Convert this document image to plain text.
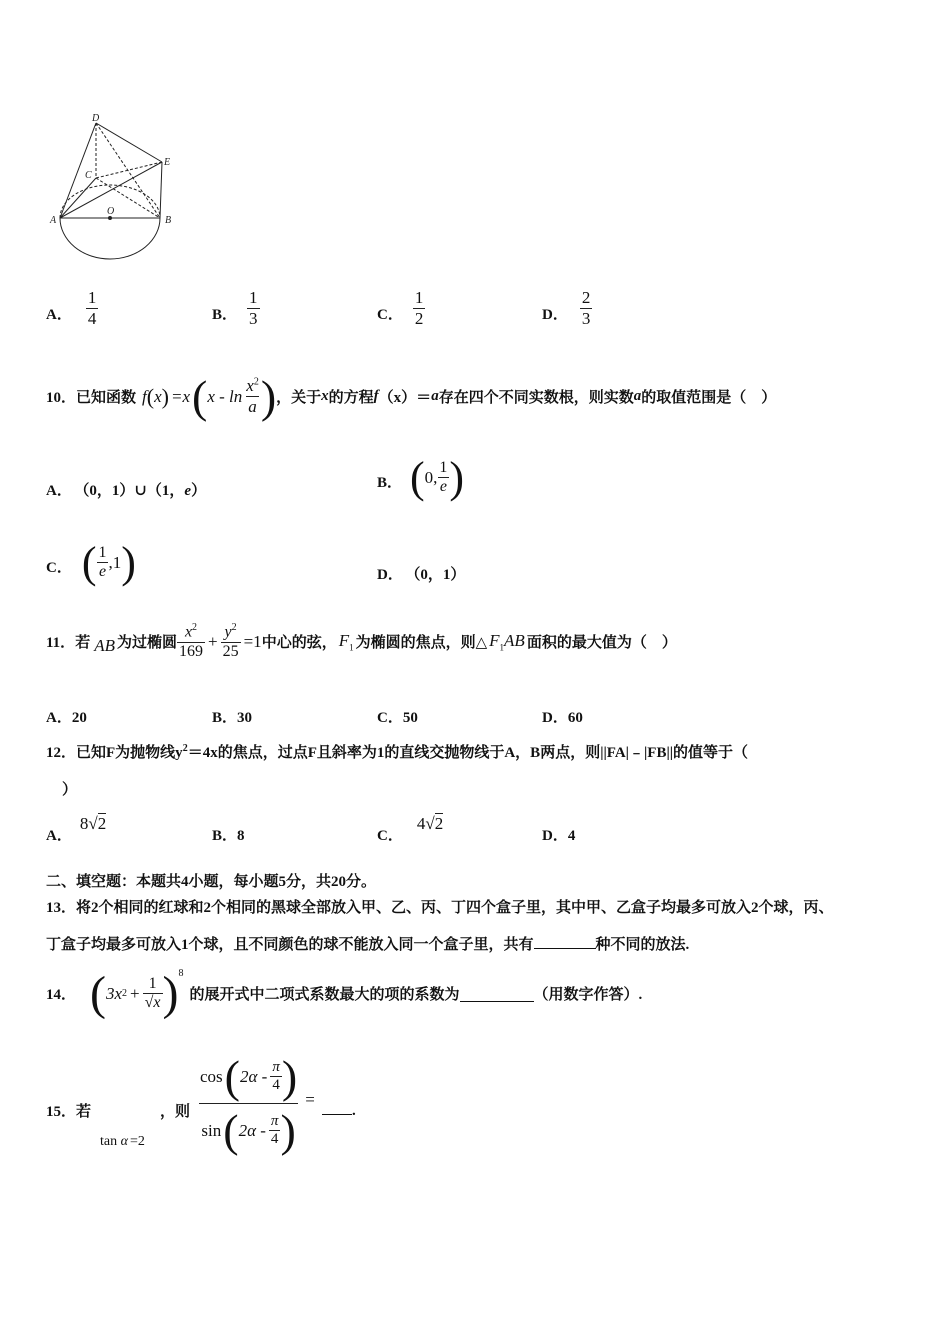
D
E
C
A
O
B
A． $\frac{1}{4}$	B． $\frac{1}{3}$	C． $\frac{1}{2}$	D． $\frac{2}{3}$
10． 已知函数 f ( x ) =x ( x - $\ln \frac{x^2}{a}$ ) ，关于 x 的方程 f （x）＝ a 存在四个不同实数根，则实数 a 的取值范围是（　）
A． （0，1）∪（1，e）	B． ( 0, $\frac{1}{e}$ )
C． ( $\frac{1}{e} ,1$ )	D． （0，1）
11． 若 AB 为过椭圆 $\frac{x^2}{169} + \frac{y^2}{25} =1$ 中心的弦， $F_1$ 为椭圆的焦点，则△ $F_1AB$ 面积的最大值为（　）
A．20	B．30	C．50	D．60
12．已知F为抛物线$y^2=4x$的焦点，过点F且斜率为1的直线交抛物线于A，B两点，则||FA|﹣|FB||的值等于（
）
A．
8√2
B．8	C．
4√2
D．4
二、填空题：本题共4小题，每小题5分，共20分。
13．将2个相同的红球和2个相同的黑球全部放入甲、乙、丙、丁四个盒子里，其中甲、乙盒子均最多可放入2个球，丙、
丁盒子均最多可放入1个球，且不同颜色的球不能放入同一个盒子里，共有	种不同的放法.
14． ( 3x $2 + \frac{1}{√x} )^8$
的展开式中二项式系数最大的项的系数为	（用数字作答）.
15．若	，则
tan α =2	$\frac{\cos ( 2\alpha - \frac{\pi}{4} )}{\sin ( 2\alpha - \frac{\pi}{4} )}$ =
.
